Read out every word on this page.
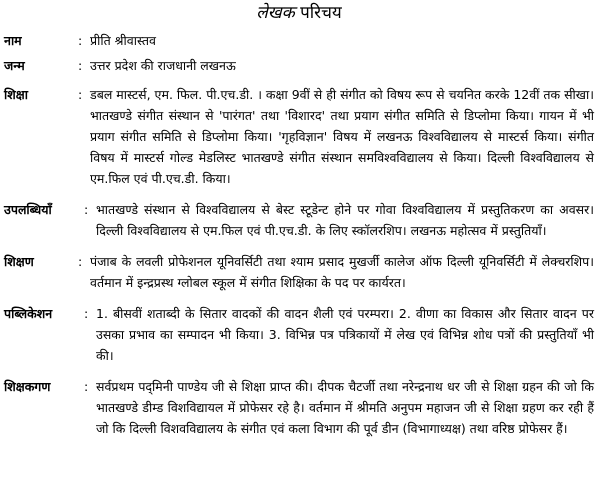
लेखक परिचय
नाम	: प्रीति श्रीवास्तव
जन्म	: उत्तर प्रदेश की राजधानी लखनऊ
शिक्षा	: डबल मास्टर्स, एम. फिल. पी.एच.डी. । कक्षा 9वीं से ही संगीत को विषय रूप से चयनित करके 12वीं तक सीखा। भातखण्डे संगीत संस्थान से 'पारंगत' तथा 'विशारद' तथा प्रयाग संगीत समिति से डिप्लोमा किया। गायन में भी प्रयाग संगीत समिति से डिप्लोमा किया। 'गृहविज्ञान' विषय में लखनऊ विश्वविद्यालय से मास्टर्स किया। संगीत विषय में मास्टर्स गोल्ड मेडलिस्ट भातखण्डे संगीत संस्थान समविश्वविद्यालय से किया। दिल्ली विश्वविद्यालय से एम.फिल एवं पी.एच.डी. किया।
उपलब्धियाँ	: भातखण्डे संस्थान से विश्वविद्यालय से बेस्ट स्टूडेन्ट होने पर गोवा विश्वविद्यालय में प्रस्तुतिकरण का अवसर। दिल्ली विश्वविद्यालय से एम.फिल एवं पी.एच.डी. के लिए स्कॉलरशिप। लखनऊ महोत्सव में प्रस्तुतियाँ।
शिक्षण	: पंजाब के लवली प्रोफेशनल यूनिवर्सिटी तथा श्याम प्रसाद मुखर्जी कालेज ऑफ दिल्ली यूनिवर्सिटी में लेक्चरशिप। वर्तमान में इन्द्रप्रस्थ ग्लोबल स्कूल में संगीत शिक्षिका के पद पर कार्यरत।
पब्लिकेशन	: 1. बीसवीं शताब्दी के सितार वादकों की वादन शैली एवं परम्परा। 2. वीणा का विकास और सितार वादन पर उसका प्रभाव का सम्पादन भी किया। 3. विभिन्न पत्र पत्रिकायों में लेख एवं विभिन्न शोध पत्रों की प्रस्तुतियाँ भी की।
शिक्षकगण	: सर्वप्रथम पद्‌मिनी पाण्डेय जी से शिक्षा प्राप्त की। दीपक चैटर्जी तथा नरेन्द्रनाथ धर जी से शिक्षा ग्रहन की जो कि भातखण्डे डीम्ड विशविद्यायल में प्रोफेसर रहे है। वर्तमान में श्रीमति अनुपम महाजन जी से शिक्षा ग्रहण कर रही हैं जो कि दिल्ली विशवविद्यालय के संगीत एवं कला विभाग की पूर्व डीन (विभागाध्यक्ष) तथा वरिष्ठ प्रोफेसर हैं।
